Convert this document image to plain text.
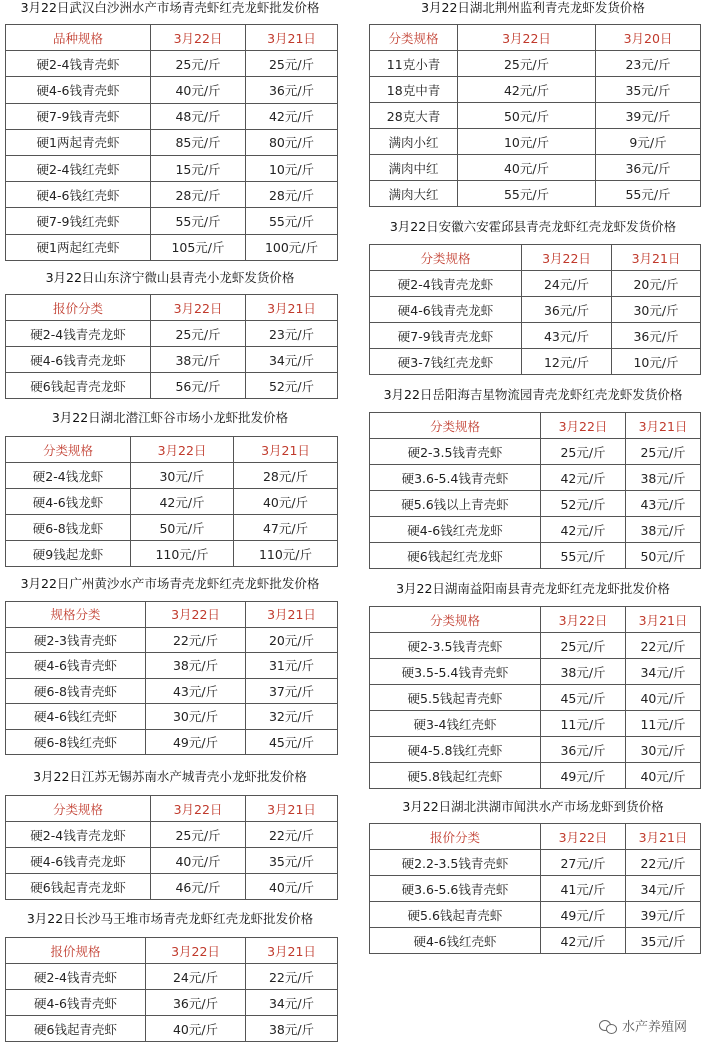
3月22日武汉白沙洲水产市场青壳虾红壳龙虾批发价格
品种规格	3月22日	3月21日
硬2-4钱青壳虾	25元/斤	25元/斤
硬4-6钱青壳虾	40元/斤	36元/斤
硬7-9钱青壳虾	48元/斤	42元/斤
硬1两起青壳虾	85元/斤	80元/斤
硬2-4钱红壳虾	15元/斤	10元/斤
硬4-6钱红壳虾	28元/斤	28元/斤
硬7-9钱红壳虾	55元/斤	55元/斤
硬1两起红壳虾	105元/斤	100元/斤
3月22日山东济宁微山县青壳小龙虾发货价格
报价分类	3月22日	3月21日
硬2-4钱青壳龙虾	25元/斤	23元/斤
硬4-6钱青壳龙虾	38元/斤	34元/斤
硬6钱起青壳龙虾	56元/斤	52元/斤
3月22日湖北潜江虾谷市场小龙虾批发价格
分类规格	3月22日	3月21日
硬2-4钱龙虾	30元/斤	28元/斤
硬4-6钱龙虾	42元/斤	40元/斤
硬6-8钱龙虾	50元/斤	47元/斤
硬9钱起龙虾	110元/斤	110元/斤
3月22日广州黄沙水产市场青壳龙虾红壳龙虾批发价格
规格分类	3月22日	3月21日
硬2-3钱青壳虾	22元/斤	20元/斤
硬4-6钱青壳虾	38元/斤	31元/斤
硬6-8钱青壳虾	43元/斤	37元/斤
硬4-6钱红壳虾	30元/斤	32元/斤
硬6-8钱红壳虾	49元/斤	45元/斤
3月22日江苏无锡苏南水产城青壳小龙虾批发价格
分类规格	3月22日	3月21日
硬2-4钱青壳龙虾	25元/斤	22元/斤
硬4-6钱青壳龙虾	40元/斤	35元/斤
硬6钱起青壳龙虾	46元/斤	40元/斤
3月22日长沙马王堆市场青壳龙虾红壳龙虾批发价格
报价规格	3月22日	3月21日
硬2-4钱青壳虾	24元/斤	22元/斤
硬4-6钱青壳虾	36元/斤	34元/斤
硬6钱起青壳虾	40元/斤	38元/斤
3月22日湖北荆州监利青壳龙虾发货价格
分类规格	3月22日	3月20日
11克小青	25元/斤	23元/斤
18克中青	42元/斤	35元/斤
28克大青	50元/斤	39元/斤
满肉小红	10元/斤	9元/斤
满肉中红	40元/斤	36元/斤
满肉大红	55元/斤	55元/斤
3月22日安徽六安霍邱县青壳龙虾红壳龙虾发货价格
分类规格	3月22日	3月21日
硬2-4钱青壳龙虾	24元/斤	20元/斤
硬4-6钱青壳龙虾	36元/斤	30元/斤
硬7-9钱青壳龙虾	43元/斤	36元/斤
硬3-7钱红壳龙虾	12元/斤	10元/斤
3月22日岳阳海吉星物流园青壳龙虾红壳龙虾发货价格
分类规格	3月22日	3月21日
硬2-3.5钱青壳虾	25元/斤	25元/斤
硬3.6-5.4钱青壳虾	42元/斤	38元/斤
硬5.6钱以上青壳虾	52元/斤	43元/斤
硬4-6钱红壳龙虾	42元/斤	38元/斤
硬6钱起红壳龙虾	55元/斤	50元/斤
3月22日湖南益阳南县青壳龙虾红壳龙虾批发价格
分类规格	3月22日	3月21日
硬2-3.5钱青壳虾	25元/斤	22元/斤
硬3.5-5.4钱青壳虾	38元/斤	34元/斤
硬5.5钱起青壳虾	45元/斤	40元/斤
硬3-4钱红壳虾	11元/斤	11元/斤
硬4-5.8钱红壳虾	36元/斤	30元/斤
硬5.8钱起红壳虾	49元/斤	40元/斤
3月22日湖北洪湖市闻洪水产市场龙虾到货价格
报价分类	3月22日	3月21日
硬2.2-3.5钱青壳虾	27元/斤	22元/斤
硬3.6-5.6钱青壳虾	41元/斤	34元/斤
硬5.6钱起青壳虾	49元/斤	39元/斤
硬4-6钱红壳虾	42元/斤	35元/斤
水产养殖网
